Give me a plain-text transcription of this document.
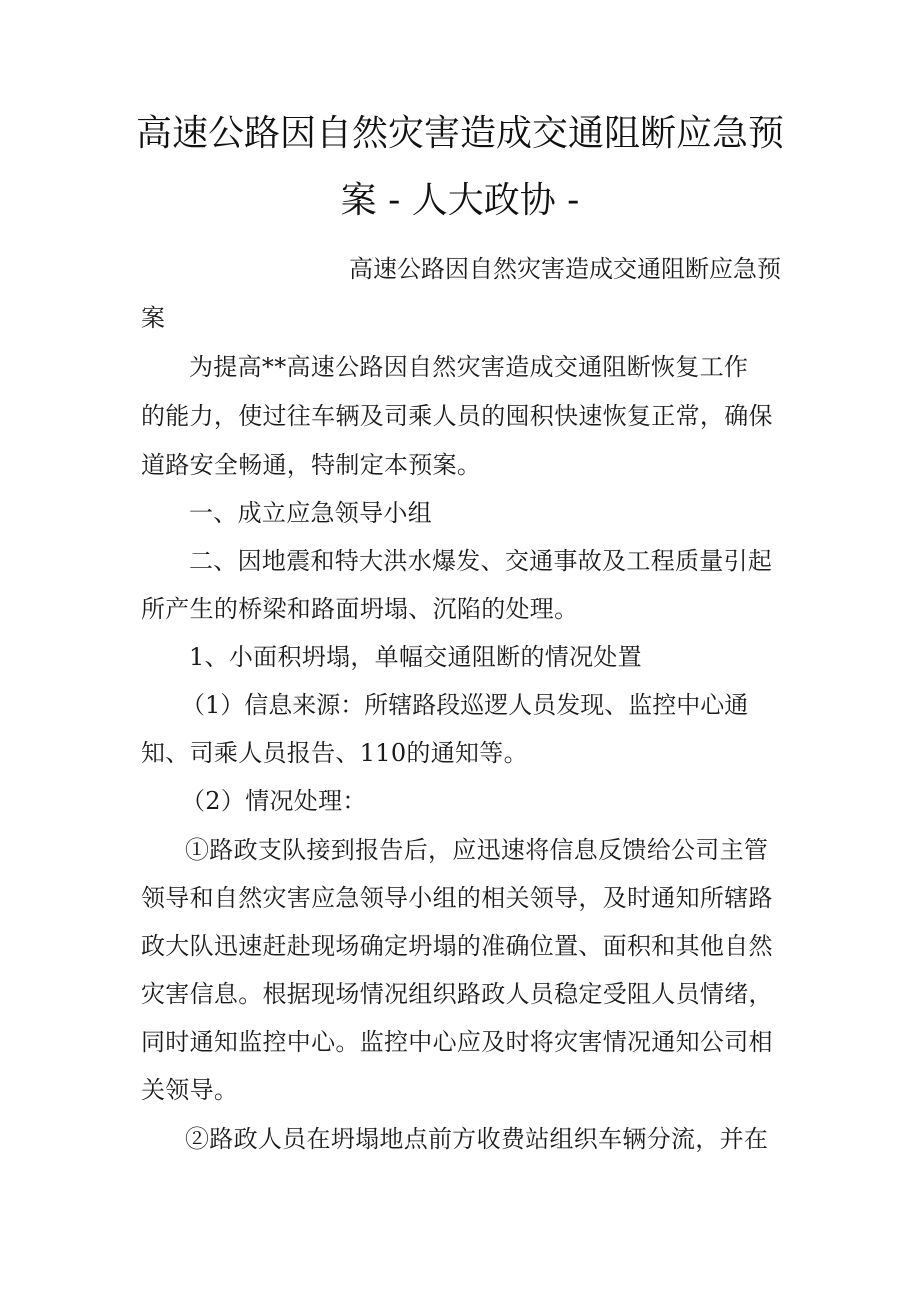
高速公路因自然灾害造成交通阻断应急预
案 - 人大政协 -
高速公路因自然灾害造成交通阻断应急预
案
为提高**高速公路因自然灾害造成交通阻断恢复工作
的能力，使过往车辆及司乘人员的囤积快速恢复正常，确保
道路安全畅通，特制定本预案。
一、成立应急领导小组
二、因地震和特大洪水爆发、交通事故及工程质量引起
所产生的桥梁和路面坍塌、沉陷的处理。
1、小面积坍塌，单幅交通阻断的情况处置
（1）信息来源：所辖路段巡逻人员发现、监控中心通
知、司乘人员报告、110的通知等。
（2）情况处理：
①路政支队接到报告后，应迅速将信息反馈给公司主管
领导和自然灾害应急领导小组的相关领导，及时通知所辖路
政大队迅速赶赴现场确定坍塌的准确位置、面积和其他自然
灾害信息。根据现场情况组织路政人员稳定受阻人员情绪，
同时通知监控中心。监控中心应及时将灾害情况通知公司相
关领导。
②路政人员在坍塌地点前方收费站组织车辆分流，并在
